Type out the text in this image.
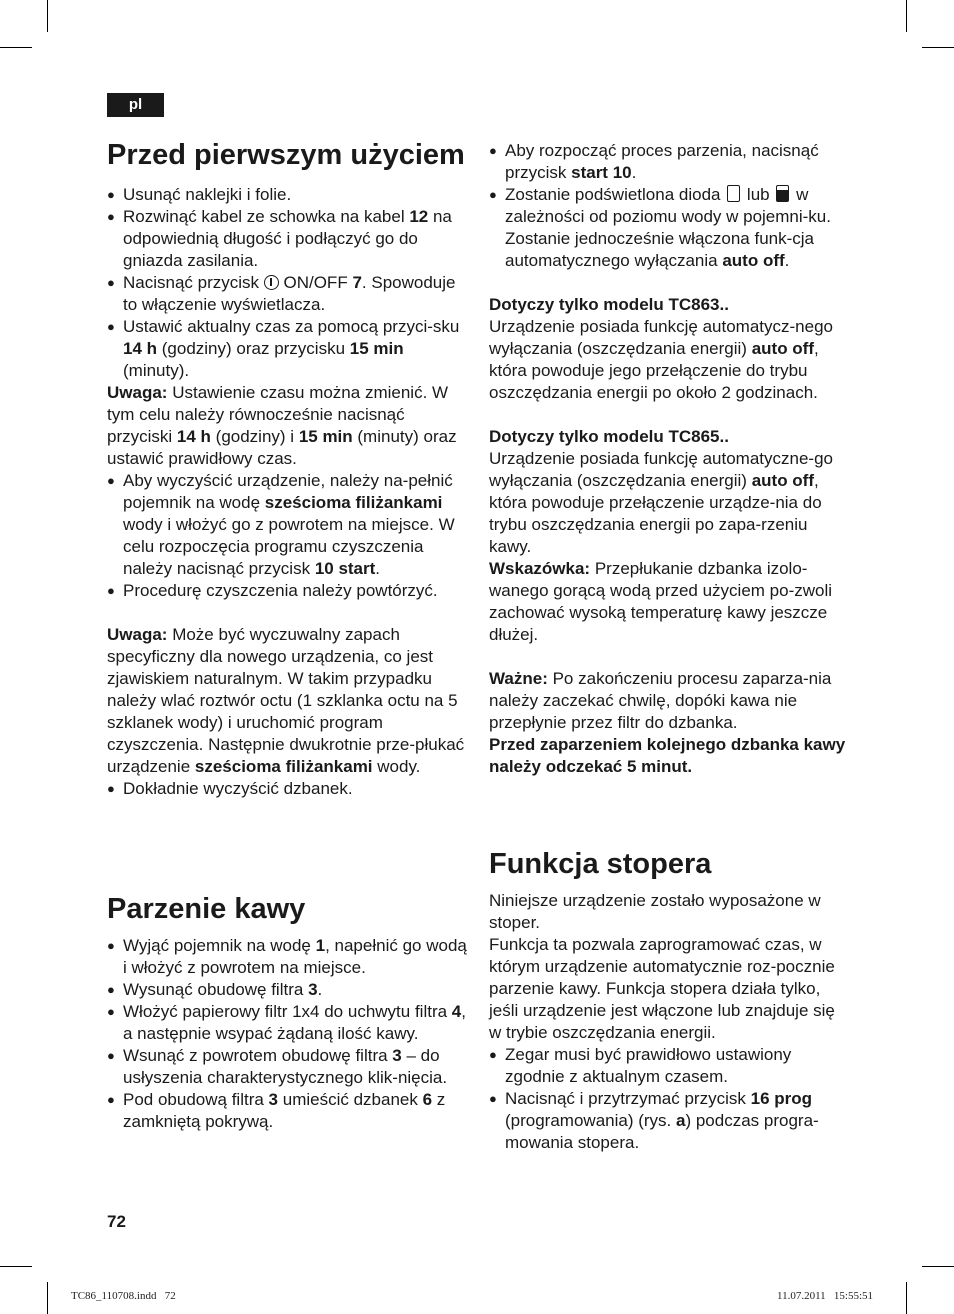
pl
Przed pierwszym użyciem

● Usunąć naklejki i folie.

● Rozwinąć kabel ze schowka na kabel 12 na odpowiednią długość i podłączyć go do gniazda zasilania.

● Nacisnąć przycisk  ON/OFF 7. Spowoduje to włączenie wyświetlacza.

● Ustawić aktualny czas za pomocą przyci-sku 14 h (godziny) oraz przycisku 15 min (minuty).

Uwaga: Ustawienie czasu można zmienić. W tym celu należy równocześnie nacisnąć przyciski 14 h (godziny) i 15 min (minuty) oraz ustawić prawidłowy czas.

● Aby wyczyścić urządzenie, należy na-pełnić pojemnik na wodę sześcioma filiżankami wody i włożyć go z powrotem na miejsce. W celu rozpoczęcia programu czyszczenia należy nacisnąć przycisk 10 start.

● Procedurę czyszczenia należy powtórzyć.

Uwaga: Może być wyczuwalny zapach specyficzny dla nowego urządzenia, co jest zjawiskiem naturalnym. W takim przypadku należy wlać roztwór octu (1 szklanka octu na 5 szklanek wody) i uruchomić program czyszczenia. Następnie dwukrotnie prze-płukać urządzenie sześcioma filiżankami wody.

● Dokładnie wyczyścić dzbanek.

Parzenie kawy

● Wyjąć pojemnik na wodę 1, napełnić go wodą i włożyć z powrotem na miejsce.

● Wysunąć obudowę filtra 3.

● Włożyć papierowy filtr 1x4 do uchwytu filtra 4, a następnie wsypać żądaną ilość kawy.

● Wsunąć z powrotem obudowę filtra 3 – do usłyszenia charakterystycznego klik-nięcia.

● Pod obudową filtra 3 umieścić dzbanek 6 z zamkniętą pokrywą.

● Aby rozpocząć proces parzenia, nacisnąć przycisk start 10.

● Zostanie podświetlona dioda  lub  w zależności od poziomu wody w pojemni-ku. Zostanie jednocześnie włączona funk-cja automatycznego wyłączania auto off.

Dotyczy tylko modelu TC863..

Urządzenie posiada funkcję automatycz-nego wyłączania (oszczędzania energii) auto off, która powoduje jego przełączenie do trybu oszczędzania energii po około 2 godzinach.

Dotyczy tylko modelu TC865..

Urządzenie posiada funkcję automatyczne-go wyłączania (oszczędzania energii) auto off, która powoduje przełączenie urządze-nia do trybu oszczędzania energii po zapa-rzeniu kawy.

Wskazówka: Przepłukanie dzbanka izolo-wanego gorącą wodą przed użyciem po-zwoli zachować wysoką temperaturę kawy jeszcze dłużej.

Ważne: Po zakończeniu procesu zaparza-nia należy zaczekać chwilę, dopóki kawa nie przepłynie przez filtr do dzbanka.

Przed zaparzeniem kolejnego dzbanka kawy należy odczekać 5 minut.

Funkcja stopera

Niniejsze urządzenie zostało wyposażone w stoper.

Funkcja ta pozwala zaprogramować czas, w którym urządzenie automatycznie roz-pocznie parzenie kawy. Funkcja stopera działa tylko, jeśli urządzenie jest włączone lub znajduje się w trybie oszczędzania energii.

● Zegar musi być prawidłowo ustawiony zgodnie z aktualnym czasem.

● Nacisnąć i przytrzymać przycisk 16 prog (programowania) (rys. a) podczas progra-mowania stopera.

72
TC86_110708.indd   72	11.07.2011   15:55:51
